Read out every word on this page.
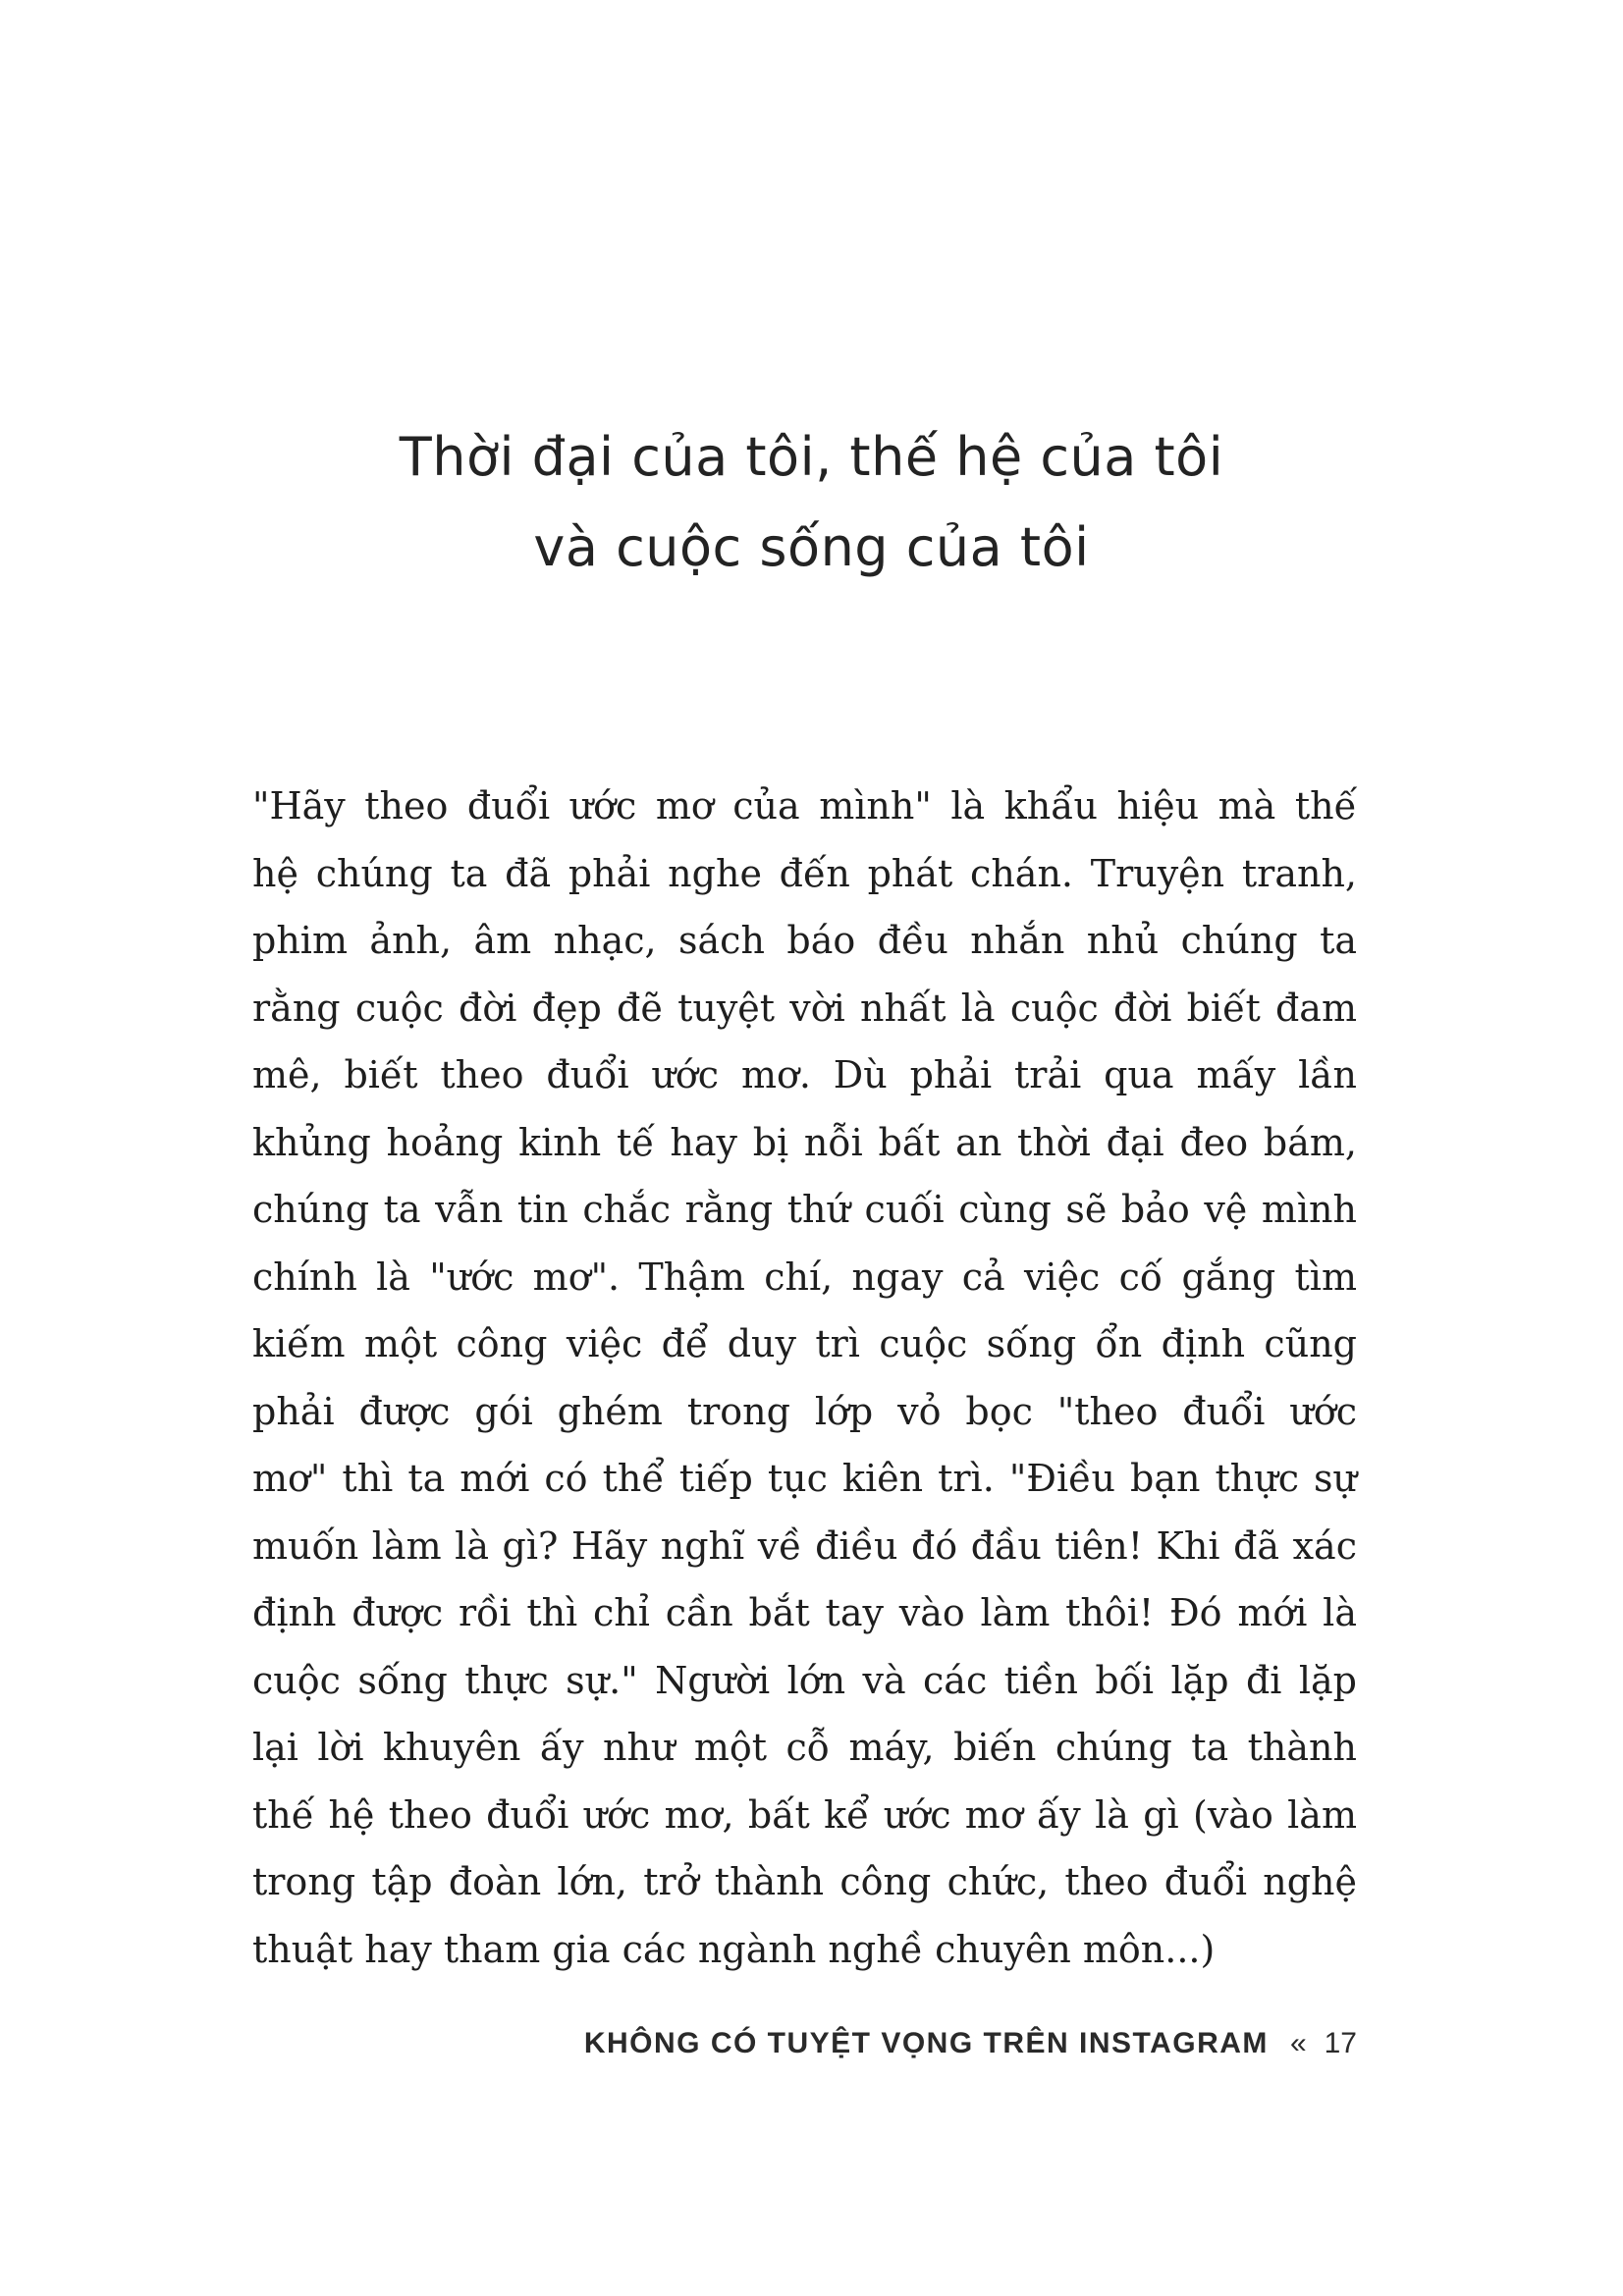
Thời đại của tôi, thế hệ của tôi
và cuộc sống của tôi
"Hãy theo đuổi ước mơ của mình" là khẩu hiệu mà thế
hệ chúng ta đã phải nghe đến phát chán. Truyện tranh,
phim ảnh, âm nhạc, sách báo đều nhắn nhủ chúng ta
rằng cuộc đời đẹp đẽ tuyệt vời nhất là cuộc đời biết đam
mê, biết theo đuổi ước mơ. Dù phải trải qua mấy lần
khủng hoảng kinh tế hay bị nỗi bất an thời đại đeo bám,
chúng ta vẫn tin chắc rằng thứ cuối cùng sẽ bảo vệ mình
chính là "ước mơ". Thậm chí, ngay cả việc cố gắng tìm
kiếm một công việc để duy trì cuộc sống ổn định cũng
phải được gói ghém trong lớp vỏ bọc "theo đuổi ước
mơ" thì ta mới có thể tiếp tục kiên trì. "Điều bạn thực sự
muốn làm là gì? Hãy nghĩ về điều đó đầu tiên! Khi đã xác
định được rồi thì chỉ cần bắt tay vào làm thôi! Đó mới là
cuộc sống thực sự." Người lớn và các tiền bối lặp đi lặp
lại lời khuyên ấy như một cỗ máy, biến chúng ta thành
thế hệ theo đuổi ước mơ, bất kể ước mơ ấy là gì (vào làm
trong tập đoàn lớn, trở thành công chức, theo đuổi nghệ
thuật hay tham gia các ngành nghề chuyên môn...)
KHÔNG CÓ TUYỆT VỌNG TRÊN INSTAGRAM « 17
